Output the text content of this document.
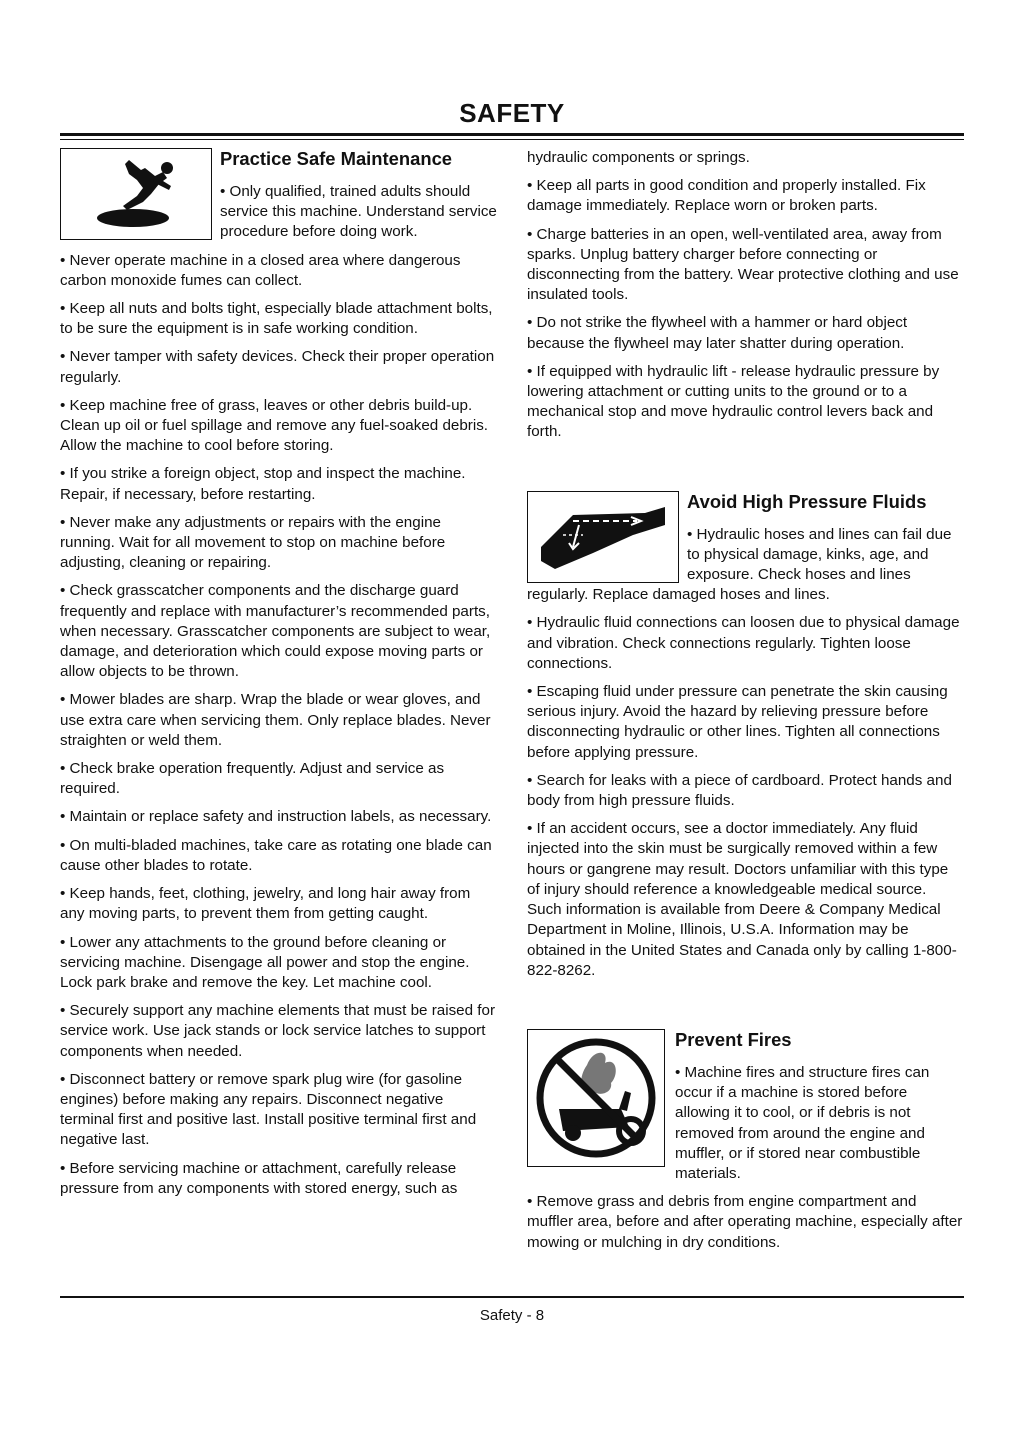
SAFETY
Practice Safe Maintenance

• Only qualified, trained adults should service this machine. Understand service procedure before doing work.

• Never operate machine in a closed area where dangerous carbon monoxide fumes can collect.

• Keep all nuts and bolts tight, especially blade attachment bolts, to be sure the equipment is in safe working condition.

• Never tamper with safety devices. Check their proper operation regularly.

• Keep machine free of grass, leaves or other debris build-up. Clean up oil or fuel spillage and remove any fuel-soaked debris. Allow the machine to cool before storing.

• If you strike a foreign object, stop and inspect the machine. Repair, if necessary, before restarting.

• Never make any adjustments or repairs with the engine running. Wait for all movement to stop on machine before adjusting, cleaning or repairing.

• Check grasscatcher components and the discharge guard frequently and replace with manufacturer’s recommended parts, when necessary. Grasscatcher components are subject to wear, damage, and deterioration which could expose moving parts or allow objects to be thrown.

• Mower blades are sharp. Wrap the blade or wear gloves, and use extra care when servicing them. Only replace blades. Never straighten or weld them.

• Check brake operation frequently. Adjust and service as required.

• Maintain or replace safety and instruction labels, as necessary.

• On multi-bladed machines, take care as rotating one blade can cause other blades to rotate.

• Keep hands, feet, clothing, jewelry, and long hair away from any moving parts, to prevent them from getting caught.

• Lower any attachments to the ground before cleaning or servicing machine. Disengage all power and stop the engine. Lock park brake and remove the key. Let machine cool.

• Securely support any machine elements that must be raised for service work. Use jack stands or lock service latches to support components when needed.

• Disconnect battery or remove spark plug wire (for gasoline engines) before making any repairs. Disconnect negative terminal first and positive last. Install positive terminal first and negative last.

• Before servicing machine or attachment, carefully release pressure from any components with stored energy, such as

hydraulic components or springs.

• Keep all parts in good condition and properly installed. Fix damage immediately. Replace worn or broken parts.

• Charge batteries in an open, well-ventilated area, away from sparks. Unplug battery charger before connecting or disconnecting from the battery. Wear protective clothing and use insulated tools.

• Do not strike the flywheel with a hammer or hard object because the flywheel may later shatter during operation.

• If equipped with hydraulic lift - release hydraulic pressure by lowering attachment or cutting units to the ground or to a mechanical stop and move hydraulic control levers back and forth.

Avoid High Pressure Fluids

• Hydraulic hoses and lines can fail due to physical damage, kinks, age, and exposure. Check hoses and lines regularly. Replace damaged hoses and lines.

• Hydraulic fluid connections can loosen due to physical damage and vibration. Check connections regularly. Tighten loose connections.

• Escaping fluid under pressure can penetrate the skin causing serious injury. Avoid the hazard by relieving pressure before disconnecting hydraulic or other lines. Tighten all connections before applying pressure.

• Search for leaks with a piece of cardboard. Protect hands and body from high pressure fluids.

• If an accident occurs, see a doctor immediately. Any fluid injected into the skin must be surgically removed within a few hours or gangrene may result. Doctors unfamiliar with this type of injury should reference a knowledgeable medical source. Such information is available from Deere & Company Medical Department in Moline, Illinois, U.S.A. Information may be obtained in the United States and Canada only by calling 1-800-822-8262.

Prevent Fires

• Machine fires and structure fires can occur if a machine is stored before allowing it to cool, or if debris is not removed from around the engine and muffler, or if stored near combustible materials.

• Remove grass and debris from engine compartment and muffler area, before and after operating machine, especially after mowing or mulching in dry conditions.

Safety - 8
